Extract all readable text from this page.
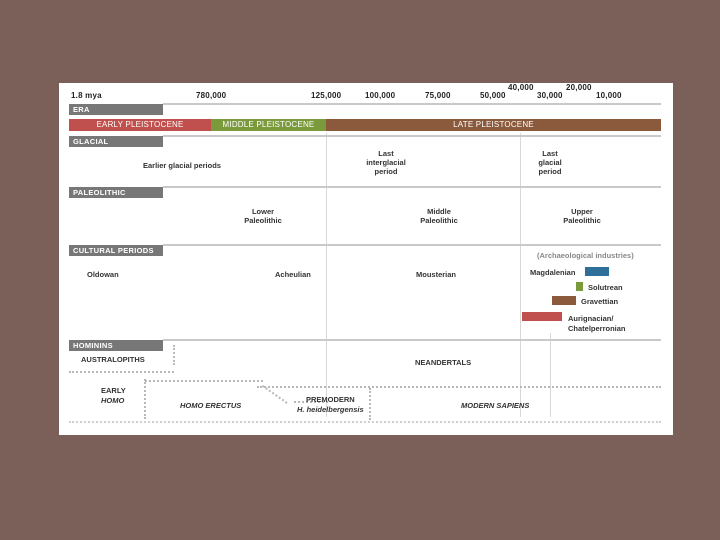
40,000	20,000
1.8 mya	780,000	125,000	100,000	75,000	50,000	30,000	10,000
ERA
EARLY PLEISTOCENE	MIDDLE PLEISTOCENE	LATE PLEISTOCENE
GLACIAL
Earlier glacial periods
Last
interglacial
period
Last
glacial
period
PALEOLITHIC
Lower
Paleolithic
Middle
Paleolithic
Upper
Paleolithic
CULTURAL PERIODS
(Archaeological industries)
Oldowan	Acheulian	Mousterian	Magdalenian
Solutrean
Gravettian
Aurignacian/
Chatelperronian
HOMININS
AUSTRALOPITHS	NEANDERTALS
EARLY
HOMO
HOMO ERECTUS
PREMODERN
H. heidelbergensis	MODERN SAPIENS
